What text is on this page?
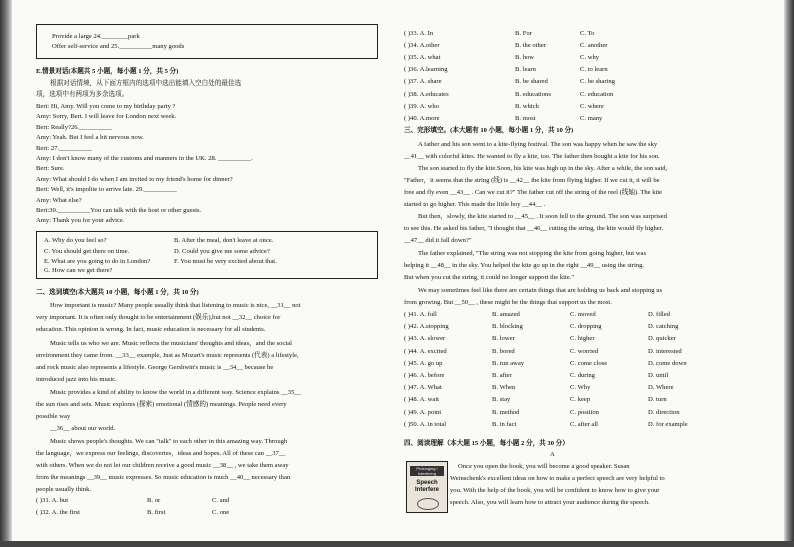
Provide a large 24.________park
Offer self-service and 25.__________many goods
E.情景对话(本题共 5 小题，每小题 1 分，共 5 分)
根据对话情境，从下面方框内的选项中选出能填入空白处的最佳选
项，选项中有两项为多余选项。
Bert: Hi, Amy. Will you come to my birthday party ?
Amy: Sorry, Bert. I will leave for London next week.
Bert: Really?26.__________
Amy: Yeah. But I feel a bit nervous now.
Bert: 27.__________
Amy: I don't know many of the customs and manners in the UK. 28. __________.
Bert: Sure.
Amy: What should I do when I am invited to my friend's home for dinner?
Bert: Well, it's impolite to arrive late. 29.__________
Amy: What else?
Bert:30.__________You can talk with the host or other guests.
Amy: Thank you for your advice.
A. Why do you feel so?	B. After the meal, don't leave at once.
C. You should get there on time.	D. Could you give me some advice?
E. What are you going to do in London?	F. You must be very excited about that.
G. How can we get there?
二、选词填空(本大题共 10 小题，每小题 1 分，共 10 分)
How important is music? Many people usually think that listening to music is nice, __31__ not
very important. It is often only thought to be entertainment (娱乐),but not __32__ choice for
education. This opinion is wrong. In fact, music education is necessary for all students.
Music tells us who we are. Music reflects the musicians' thoughts and ideas，and the social
environment they came from. __33__ example, Just as Mozart's music represents (代表) a lifestyle,
and rock music also represents a lifestyle. George Gershwin's music is __34__ because he
introduced jazz into his music.
Music provides a kind of ability to know the world in a different way. Science explains __35__
the sun rises and sets. Music explores (探索) emotional (情感的) meanings. People need every
possible way
__36__ about our world.
Music shows people's thoughts. We can "talk" to each other in this amazing way. Through
the language，we express our feelings, discoveries，ideas and hopes. All of these can __37__
with others. When we do not let our children receive a good music __38__ , we take them away
from the meanings __39__ music expresses. So music education is much __40__ necessary than
people usually think.
( )31. A. but	B. or	C. and
( )32. A. the first	B. first	C. one
( )33. A. In	B. For	C. To
( )34. A.other	B. the other	C. another
( )35. A. what	B. how	C. why
( )36. A.learning	B. learn	C. to learn
( )37. A. share	B. be shared	C. be sharing
( )38. A.educates	B. educations	C. education
( )39. A. who	B. which	C. where
( )40. A.more	B. most	C. many
三、完形填空。(本大题有 10 小题，每小题 1 分，共 10 分)
A father and his son went to a kite-flying festival. The son was happy when he saw the sky
__41__ with colorful kites. He wanted to fly a kite, too. The father then bought a kite for his son.
The son started to fly the kite.Soon, his kite was high up in the sky. After a while, the son said,
"Father，it seems that the string (线) is __42__ the kite from flying higher. If we cut it, it will be
free and fly even __43__ . Can we cut it?" The father cut off the string of the reel (线轴). The kite
started to go higher. This made the little boy __44__ .
But then，slowly, the kite started to __45__ . It soon fell to the ground. The son was surprised
to see this. He asked his father, "I thought that __46__ cutting the string, the kite would fly higher.
__47__ did it fall down?"
The father explained, "The string was not stopping the kite from going higher, but was
helping it __48__ in the sky. You helped the kite go up in the right __49__ using the string.
But when you cut the string, it could no longer support the kite."
We may sometimes feel like there are certain things that are holding us back and stopping us
from growing. But __50__ , these might be the things that support us the most.
( )41. A. full	B. amazed	C. moved	D. filled
( )42. A.stopping	B. blocking	C. dropping	D. catching
( )43. A. slower	B. lower	C. higher	D. quicker
( )44. A. excited	B. bored	C. worried	D. interested
( )45. A. go up	B. run away	C. come close	D. come down
( )46. A. before	B. after	C. during	D. until
( )47. A. What	B. When	C. Why	D. Where
( )48. A. wait	B. stay	C. keep	D. turn
( )49. A. point	B. method	C. position	D. direction
( )50. A. in total	B. in fact	C. after all	D. for example
四、阅读理解（本大题 15 小题，每小题 2 分，共 30 分）
A
Prolonging / Interfering
Speech Interfere
Once you open the book, you will become a good speaker. Susan
Weinschenk's excellent ideas on how to make a perfect speech are very helpful to
you. With the help of the book, you will be confident to know how to give your
speech. Also, you will learn how to attract your audience during the speech.
